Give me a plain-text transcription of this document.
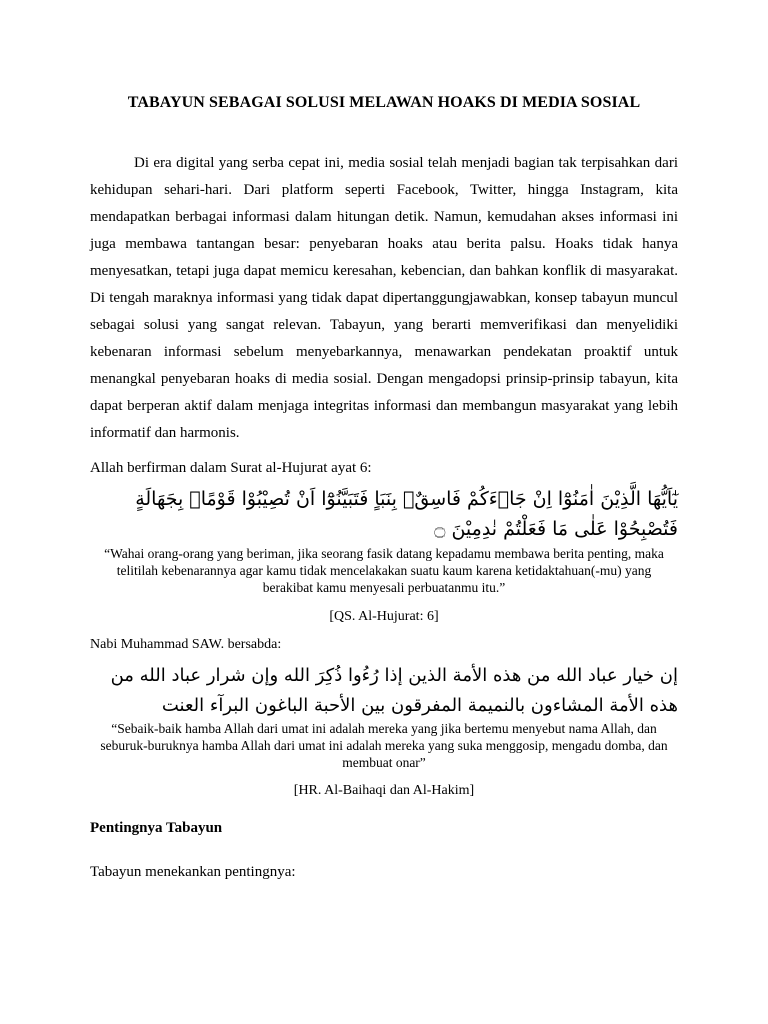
TABAYUN SEBAGAI SOLUSI MELAWAN HOAKS DI MEDIA SOSIAL
Di era digital yang serba cepat ini, media sosial telah menjadi bagian tak terpisahkan dari kehidupan sehari-hari. Dari platform seperti Facebook, Twitter, hingga Instagram, kita mendapatkan berbagai informasi dalam hitungan detik. Namun, kemudahan akses informasi ini juga membawa tantangan besar: penyebaran hoaks atau berita palsu. Hoaks tidak hanya menyesatkan, tetapi juga dapat memicu keresahan, kebencian, dan bahkan konflik di masyarakat. Di tengah maraknya informasi yang tidak dapat dipertanggungjawabkan, konsep tabayun muncul sebagai solusi yang sangat relevan. Tabayun, yang berarti memverifikasi dan menyelidiki kebenaran informasi sebelum menyebarkannya, menawarkan pendekatan proaktif untuk menangkal penyebaran hoaks di media sosial. Dengan mengadopsi prinsip-prinsip tabayun, kita dapat berperan aktif dalam menjaga integritas informasi dan membangun masyarakat yang lebih informatif dan harmonis.
Allah berfirman dalam Surat al-Hujurat ayat 6:
يٰٓاَيُّهَا الَّذِيْنَ اٰمَنُوْٓا اِنْ جَاۤءَكُمْ فَاسِقٌۢ بِنَبَاٍ فَتَبَيَّنُوْٓا اَنْ تُصِيْبُوْا قَوْمًاۢ بِجَهَالَةٍ فَتُصْبِحُوْا عَلٰى مَا فَعَلْتُمْ نٰدِمِيْنَ ۝
“Wahai orang-orang yang beriman, jika seorang fasik datang kepadamu membawa berita penting, maka telitilah kebenarannya agar kamu tidak mencelakakan suatu kaum karena ketidaktahuan(-mu) yang berakibat kamu menyesali perbuatanmu itu.”
[QS. Al-Hujurat: 6]
Nabi Muhammad SAW. bersabda:
إن خيار عباد الله من هذه الأمة الذين إذا رُءُوا ذُكِرَ الله وإن شرار عباد الله من هذه الأمة المشاءون بالنميمة المفرقون بين الأحبة الباغون البرآء العنت
“Sebaik-baik hamba Allah dari umat ini adalah mereka yang jika bertemu menyebut nama Allah, dan seburuk-buruknya hamba Allah dari umat ini adalah mereka yang suka menggosip, mengadu domba, dan membuat onar”
[HR. Al-Baihaqi dan Al-Hakim]
Pentingnya Tabayun
Tabayun menekankan pentingnya:
